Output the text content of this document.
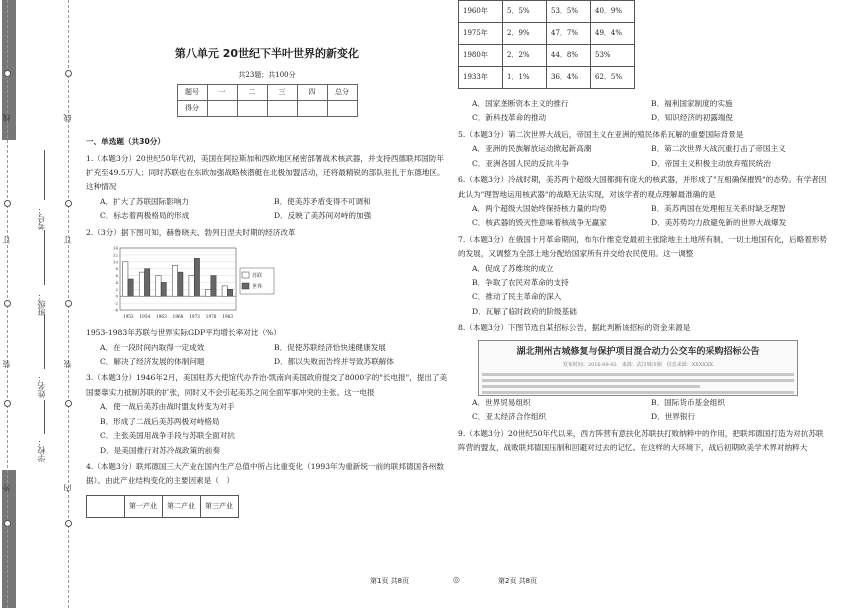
线
订
装
外
线
订
装
内
考号：
班级：
姓名：
学校：
第八单元 20世纪下半叶世界的新变化
共23题；共100分
题号	一	二	三	四	总分
得分					
一、单选题（共30分）
1.（本题3分）20世纪50年代初，美国在阿拉斯加和西欧地区秘密部署战术核武器，并支持西德联邦国防年扩充至49.5万人；同时苏联也在东欧加强战略核潜艇在北极加盟活动，还将最精锐的部队驻扎于东德地区。这种情况
A．扩大了苏联国际影响力	B．使美苏矛盾变得不可调和
C．标志着两极格局的形成	D．反映了美苏间对峙的加强
2.（3分）据下图可知，赫鲁晓夫、勃列日涅夫时期的经济改革
14
12
10
8
6
4
2
0
-2
-4
1953 1954 1963 1968 1973 1978 1983
苏联
世界
1953-1983年苏联与世界实际GDP平均增长率对比（%）
A．在一段时间内取得一定成效	B．促使苏联经济恰快速健康发展
C．解决了经济发展的体制问题	D．都以失败而告终并导致苏联解体
3.（本题3分）1946年2月，美国驻苏大使馆代办乔治·凯南向美国政府提交了8000字的"长电报"，提出了美国要靠实力抵制苏联的扩张，同时又不会引起美苏之间全面军事冲突的主张。这一电报
A．使一战后美苏由战时盟友转变为对手
B．形成了二战后美苏两极对峙格局
C．主张美国用战争手段与苏联全面对抗
D．是美国推行对苏冷战政策的前奏
4.（本题3分）联邦德国三大产业在国内生产总值中所占比重变化（1993年为重新统一前的联邦德国各州数据）。由此产业结构变化的主要因素是（　）
	第一产业	第二产业	第三产业
1960年	5．5%	53．5%	40．9%
1975年	2．9%	47．7%	49．4%
1980年	2．2%	44．8%	53%
1933年	1．1%	36．4%	62．5%
A．国家垄断资本主义的推行	B．福利国家制度的实施
C．新科技革命的推动	D．知识经济的初露端倪
5.（本题3分）第二次世界大战后，帝国主义在亚洲的殖民体系瓦解的重要国际背景是
A．亚洲的民族解放运动掀起新高潮	B．第二次世界大战沉重打击了帝国主义
C．亚洲各国人民的反抗斗争	D．帝国主义积极主动放弃殖民统治
6.（本题3分）冷战时期，美苏两个超级大国都拥有庞大的核武器，并形成了"互相确保摧毁"的态势。有学者因此认为"理智地运用核武器"的战略无法实现，对该学者的观点理解最准确的是
A．两个超级大国始终保持核力量的均势	B．美苏两国在处理相互关系时缺乏理智
C．核武器的毁灭性意味着核战争无赢家	D．美苏势均力敌避免新的世界大战爆发
7.（本题3分）在俄国十月革命期间，布尔什维克党最初主张除地主土地所有制，一切土地国有化，后略着形势的发展，又调整为全部土地分配给国家所有并交给农民使用。这一调整
A．促成了苏维埃的成立
B．争取了农民对革命的支持
C．推动了民主革命的深入
D．瓦解了临时政府的阶级基础
8.（本题3分）下图节选自某招标公告，据此判断该招标的资金来源是
湖北荆州古城修复与保护项目混合动力公交车的采购招标公告
发布时间：2016-09-02　来源：武汉城市圈　信息来源：XXXXXX
A．世界贸易组织	B．国际货币基金组织
C．亚太经济合作组织	D．世界银行
9.（本题3分）20世纪50年代以来，西方阵营有意扶化苏联扶打败纳粹中的作用，把联邦德国打造为对抗苏联阵营的盟友，战败联邦德国压制和回避对过去的记忆。在这样的大环境下，战后初期欧美学术界对纳粹大
第1页 共8页	◎	第2页 共8页
